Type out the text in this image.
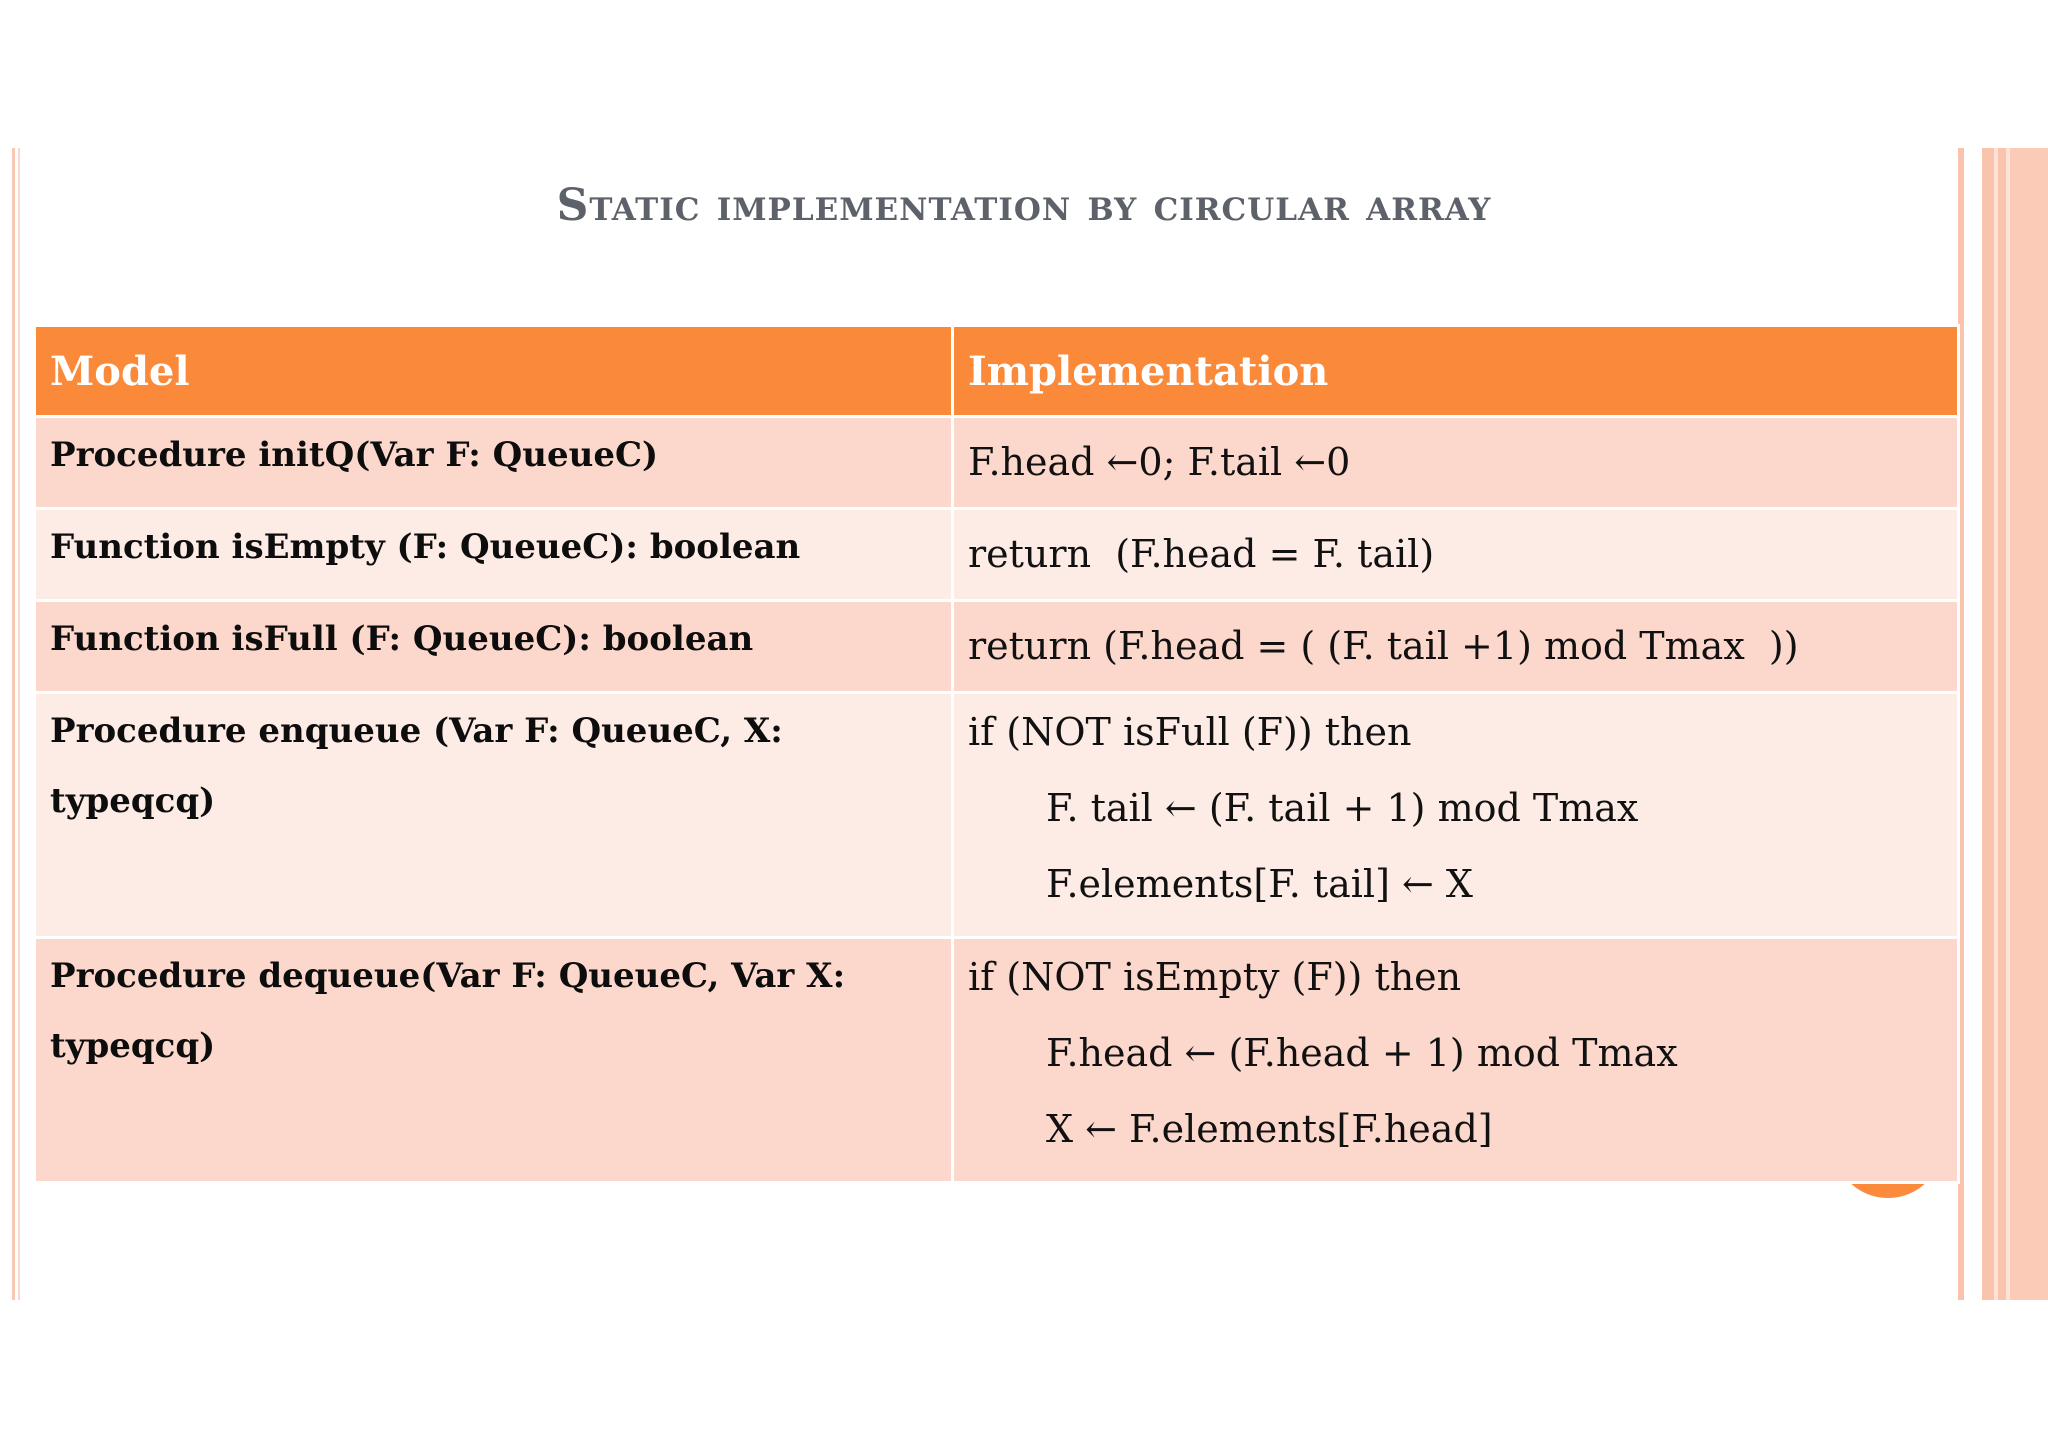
Static implementation by circular array
Model	Implementation

Procedure initQ(Var F: QueueC)	F.head ←0; F.tail ←0

Function isEmpty (F: QueueC): boolean	return  (F.head = F. tail)

Function isFull (F: QueueC): boolean	return (F.head = ( (F. tail +1) mod Tmax  ))

Procedure enqueue (Var F: QueueC, X: typeqcq)	if (NOT isFull (F)) then
F. tail ← (F. tail + 1) mod Tmax
F.elements[F. tail] ← X

Procedure dequeue(Var F: QueueC, Var X: typeqcq)	if (NOT isEmpty (F)) then
F.head ← (F.head + 1) mod Tmax
X ← F.elements[F.head]
